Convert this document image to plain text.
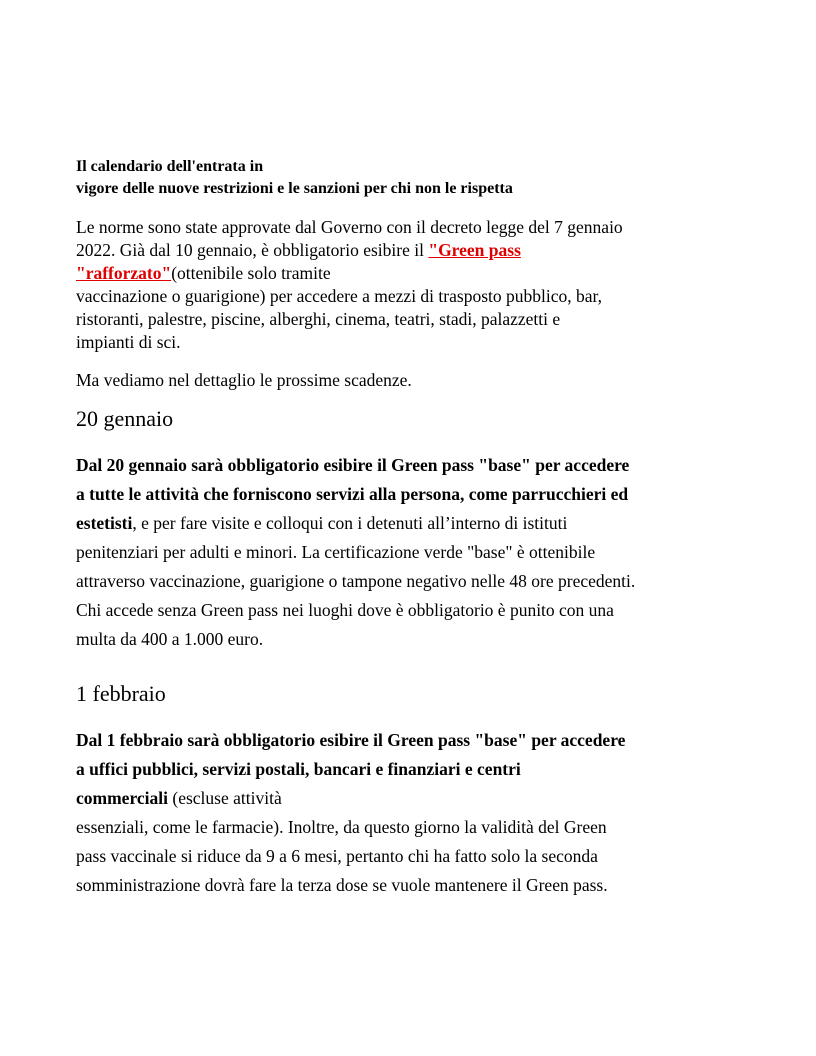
Il calendario dell'entrata in
vigore delle nuove restrizioni e le sanzioni per chi non le rispetta

Le norme sono state approvate dal Governo con il decreto legge del 7 gennaio
2022. Già dal 10 gennaio, è obbligatorio esibire il "Green pass
"rafforzato"(ottenibile solo tramite
vaccinazione o guarigione) per accedere a mezzi di trasposto pubblico, bar,
ristoranti, palestre, piscine, alberghi, cinema, teatri, stadi, palazzetti e
impianti di sci.

Ma vediamo nel dettaglio le prossime scadenze.

20 gennaio

Dal 20 gennaio sarà obbligatorio esibire il Green pass "base" per accedere
a tutte le attività che forniscono servizi alla persona, come parrucchieri ed
estetisti, e per fare visite e colloqui con i detenuti all’interno di istituti
penitenziari per adulti e minori. La certificazione verde "base" è ottenibile
attraverso vaccinazione, guarigione o tampone negativo nelle 48 ore precedenti.
Chi accede senza Green pass nei luoghi dove è obbligatorio è punito con una
multa da 400 a 1.000 euro.

1 febbraio

Dal 1 febbraio sarà obbligatorio esibire il Green pass "base" per accedere
a uffici pubblici, servizi postali, bancari e finanziari e centri
commerciali (escluse attività
essenziali, come le farmacie). Inoltre, da questo giorno la validità del Green
pass vaccinale si riduce da 9 a 6 mesi, pertanto chi ha fatto solo la seconda
somministrazione dovrà fare la terza dose se vuole mantenere il Green pass.
